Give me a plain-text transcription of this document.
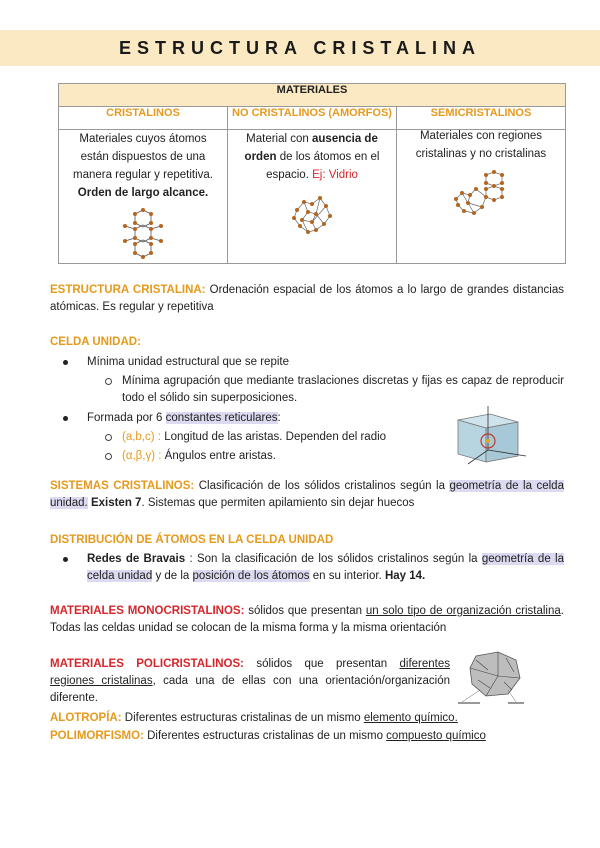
ESTRUCTURA CRISTALINA
MATERIALES		
CRISTALINOS	NO CRISTALINOS (AMORFOS)	SEMICRISTALINOS

Materiales cuyos átomos están dispuestos de una manera regular y repetitiva. Orden de largo alcance.	Material con ausencia de orden de los átomos en el espacio. Ej: Vidrio	Materiales con regiones cristalinas y no cristalinas
ESTRUCTURA CRISTALINA: Ordenación espacial de los átomos a lo largo de grandes distancias atómicas. Es regular y repetitiva
CELDA UNIDAD:
Mínima unidad estructural que se repite
Mínima agrupación que mediante traslaciones discretas y fijas es capaz de reproducir todo el sólido sin superposiciones.
Formada por 6 constantes reticulares:
(a,b,c) : Longitud de las aristas. Dependen del radio
(α,β,γ) : Ángulos entre aristas.
SISTEMAS CRISTALINOS: Clasificación de los sólidos cristalinos según la geometría de la celda unidad. Existen 7. Sistemas que permiten apilamiento sin dejar huecos
DISTRIBUCIÓN DE ÁTOMOS EN LA CELDA UNIDAD
Redes de Bravais : Son la clasificación de los sólidos cristalinos según la geometría de la celda unidad y de la posición de los átomos en su interior. Hay 14.
MATERIALES MONOCRISTALINOS: sólidos que presentan un solo tipo de organización cristalina. Todas las celdas unidad se colocan de la misma forma y la misma orientación
MATERIALES POLICRISTALINOS: sólidos que presentan diferentes regiones cristalinas, cada una de ellas con una orientación/organización diferente.
ALOTROPÍA: Diferentes estructuras cristalinas de un mismo elemento químico.
POLIMORFISMO: Diferentes estructuras cristalinas de un mismo compuesto químico
